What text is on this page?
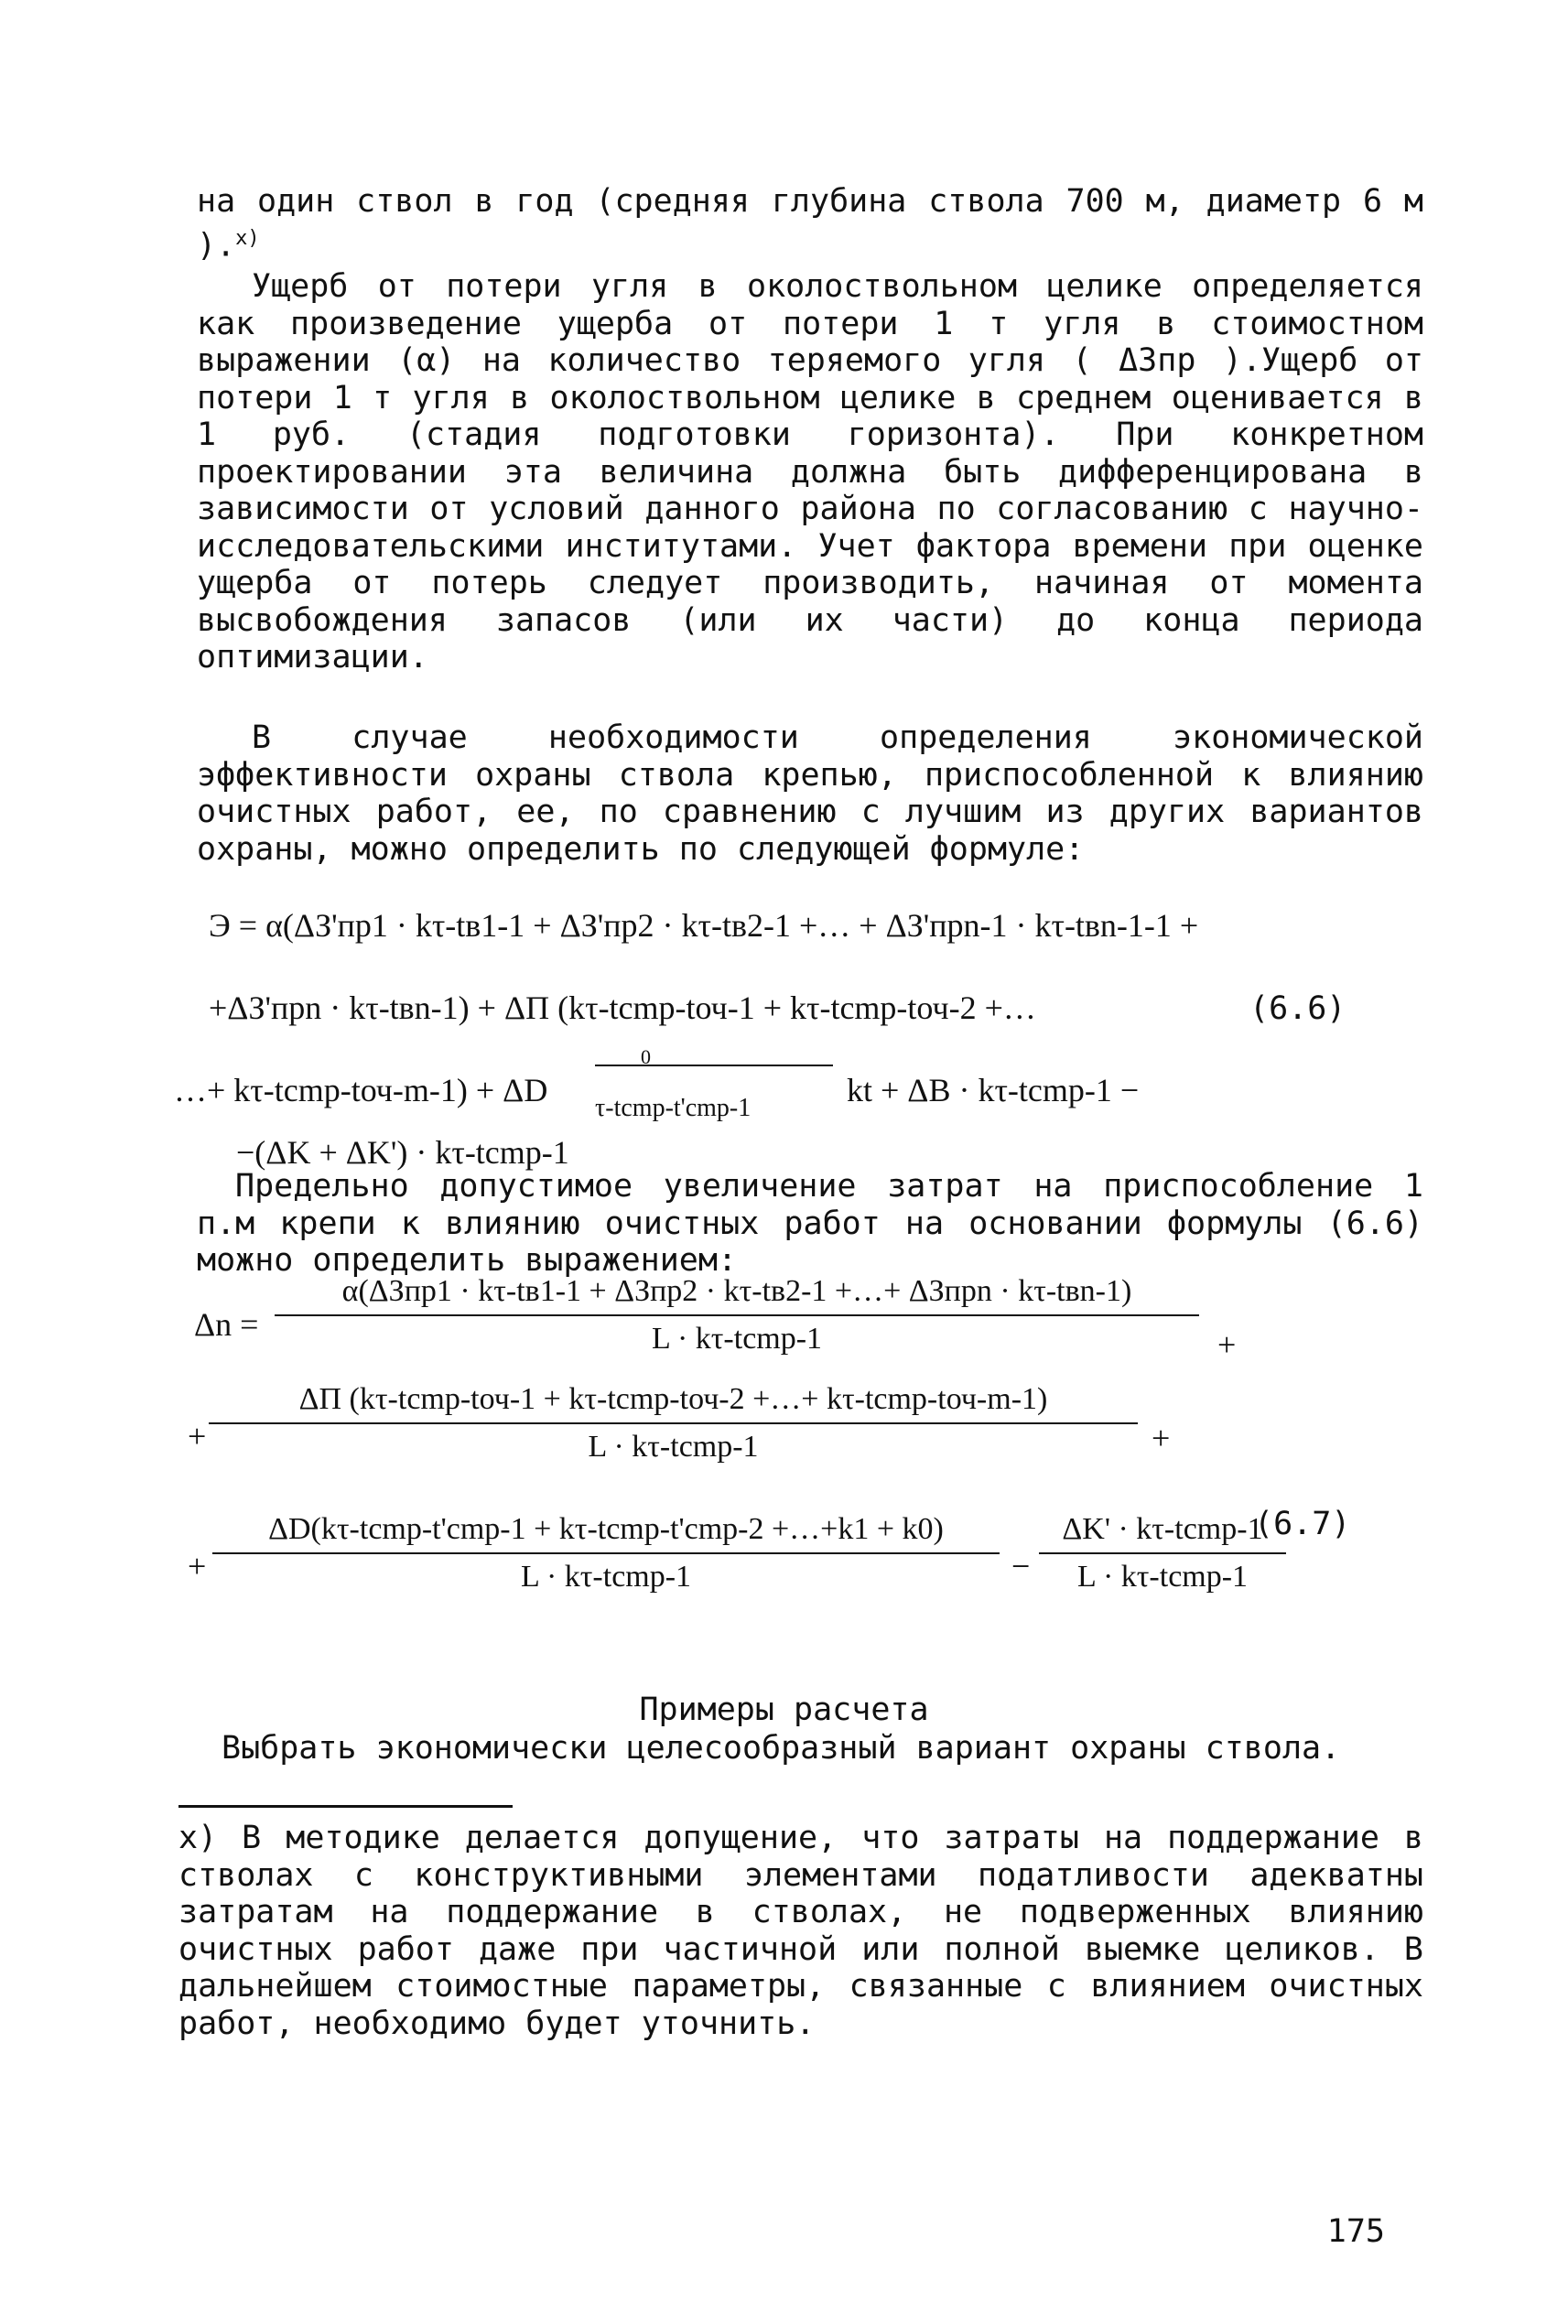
на один ствол в год (средняя глубина ствола 700 м, диаметр 6 м ).$^{x)}$
Ущерб от потери угля в околоствольном целике определяется как произведение ущерба от потери 1 т угля в стоимостном выражении (α) на количество теряемого угля ( ΔЗпр ).Ущерб от потери 1 т угля в околоствольном целике в среднем оценивается в 1 руб. (стадия подготовки горизонта). При конкретном проектировании эта величина должна быть дифференцирована в зависимости от условий данного района по согласованию с научно-исследовательскими институтами. Учет фактора времени при оценке ущерба от потерь следует производить, начиная от момента высвобождения запасов (или их части) до конца периода оптимизации.
В случае необходимости определения экономической эффективности охраны ствола крепью, приспособленной к влиянию очистных работ, ее, по сравнению с лучшим из других вариантов охраны, можно определить по следующей формуле:
Э = α(ΔЗ'пр1 · kτ-tв1-1 + ΔЗ'пр2 · kτ-tв2-1 +… + ΔЗ'прn-1 · kτ-tвn-1-1 +
+ΔЗ'прn · kτ-tвn-1) + ΔП (kτ-tcmp-tоч-1 + kτ-tcmp-tоч-2 +…	(6.6)
…+ kτ-tcmp-tоч-m-1) + ΔD
0
τ-tcmp-t'cmp-1	kt + ΔB · kτ-tcmp-1 −
−(ΔK + ΔK') · kτ-tcmp-1
Предельно допустимое увеличение затрат на приспособление 1 п.м крепи к влиянию очистных работ на основании формулы (6.6) можно определить выражением:
Δn =
α(ΔЗпр1 · kτ-tв1-1 + ΔЗпр2 · kτ-tв2-1 +…+ ΔЗпрn · kτ-tвn-1)
L · kτ-tcmp-1	+
+
ΔП (kτ-tcmp-tоч-1 + kτ-tcmp-tоч-2 +…+ kτ-tcmp-tоч-m-1)
L · kτ-tcmp-1	+
(6.7)
+
ΔD(kτ-tcmp-t'cmp-1 + kτ-tcmp-t'cmp-2 +…+k1 + k0)
L · kτ-tcmp-1	−
ΔK' · kτ-tcmp-1
L · kτ-tcmp-1
Примеры расчета
Выбрать экономически целесообразный вариант охраны ствола.
x) В методике делается допущение, что затраты на поддержание в стволах с конструктивными элементами податливости адекватны затратам на поддержание в стволах, не подверженных влиянию очистных работ даже при частичной или полной выемке целиков. В дальнейшем стоимостные параметры, связанные с влиянием очистных работ, необходимо будет уточнить.
175
